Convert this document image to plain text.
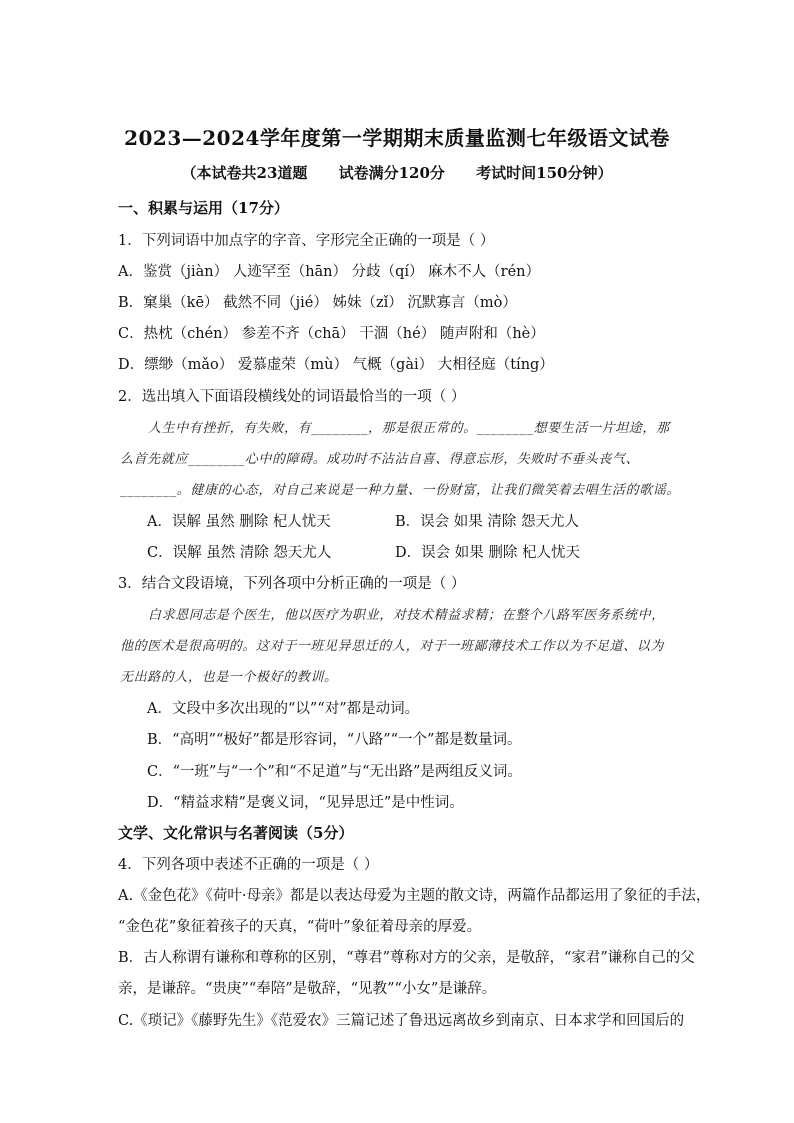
2023—2024学年度第一学期期末质量监测七年级语文试卷
（本试卷共23道题 试卷满分120分 考试时间150分钟）
一、积累与运用（17分）
1．下列词语中加点字的字音、字形完全正确的一项是（ ）
A．鉴赏（jiàn） 人迹罕至（hān） 分歧（qí） 麻木不人（rén）
B．窠巢（kē） 截然不同（jié） 姊妹（zǐ） 沉默寡言（mò）
C．热枕（chén） 参差不齐（chā） 干涸（hé） 随声附和（hè）
D．缥缈（mǎo） 爱慕虚荣（mù） 气概（gài） 大相径庭（tíng）
2．选出填入下面语段横线处的词语最恰当的一项（ ）
人生中有挫折，有失败，有________，那是很正常的。________想要生活一片坦途，那
么首先就应________心中的障碍。成功时不沾沾自喜、得意忘形，失败时不垂头丧气、
________。健康的心态，对自己来说是一种力量、一份财富，让我们微笑着去唱生活的歌谣。
A．误解 虽然 删除 杞人忧天	B．误会 如果 清除 怨天尤人
C．误解 虽然 清除 怨天尤人	D．误会 如果 删除 杞人忧天
3．结合文段语境，下列各项中分析正确的一项是（ ）
白求恩同志是个医生，他以医疗为职业，对技术精益求精；在整个八路军医务系统中，
他的医术是很高明的。这对于一班见异思迁的人，对于一班鄙薄技术工作以为不足道、以为
无出路的人，也是一个极好的教训。
A．文段中多次出现的“以”“对”都是动词。
B．“高明”“极好”都是形容词，“八路”“一个”都是数量词。
C．“一班”与“一个”和“不足道”与“无出路”是两组反义词。
D．“精益求精”是褒义词，“见异思迁”是中性词。
文学、文化常识与名著阅读（5分）
4．下列各项中表述不正确的一项是（ ）
A.《金色花》《荷叶·母亲》都是以表达母爱为主题的散文诗，两篇作品都运用了象征的手法，
“金色花”象征着孩子的天真，“荷叶”象征着母亲的厚爱。
B．古人称谓有谦称和尊称的区别，“尊君”尊称对方的父亲，是敬辞，“家君”谦称自己的父
亲，是谦辞。“贵庚”“奉陪”是敬辞，“见教”“小女”是谦辞。
C.《琐记》《藤野先生》《范爱农》三篇记述了鲁迅远离故乡到南京、日本求学和回国后的
